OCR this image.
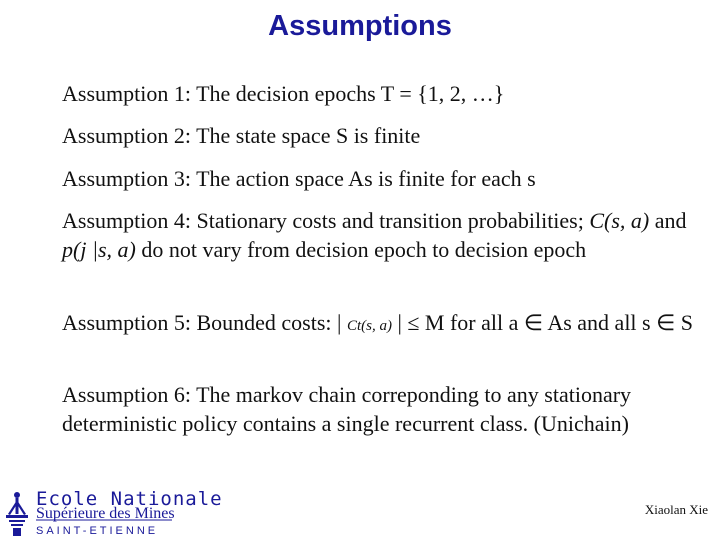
Assumptions
Assumption 1: The decision epochs T = {1, 2, …}
Assumption 2: The state space S is finite
Assumption 3: The action space As is finite for each s
Assumption 4: Stationary costs and transition probabilities; C(s, a) and p(j |s, a) do not vary from decision epoch to decision epoch
Assumption 5: Bounded costs: | Ct(s, a) | ≤ M for all a ∈ As and all s ∈ S
Assumption 6: The markov chain correponding to any stationary deterministic policy contains a single recurrent class. (Unichain)
Ecole Nationale
Supérieure des Mines
SAINT-ETIENNE
Xiaolan Xie
